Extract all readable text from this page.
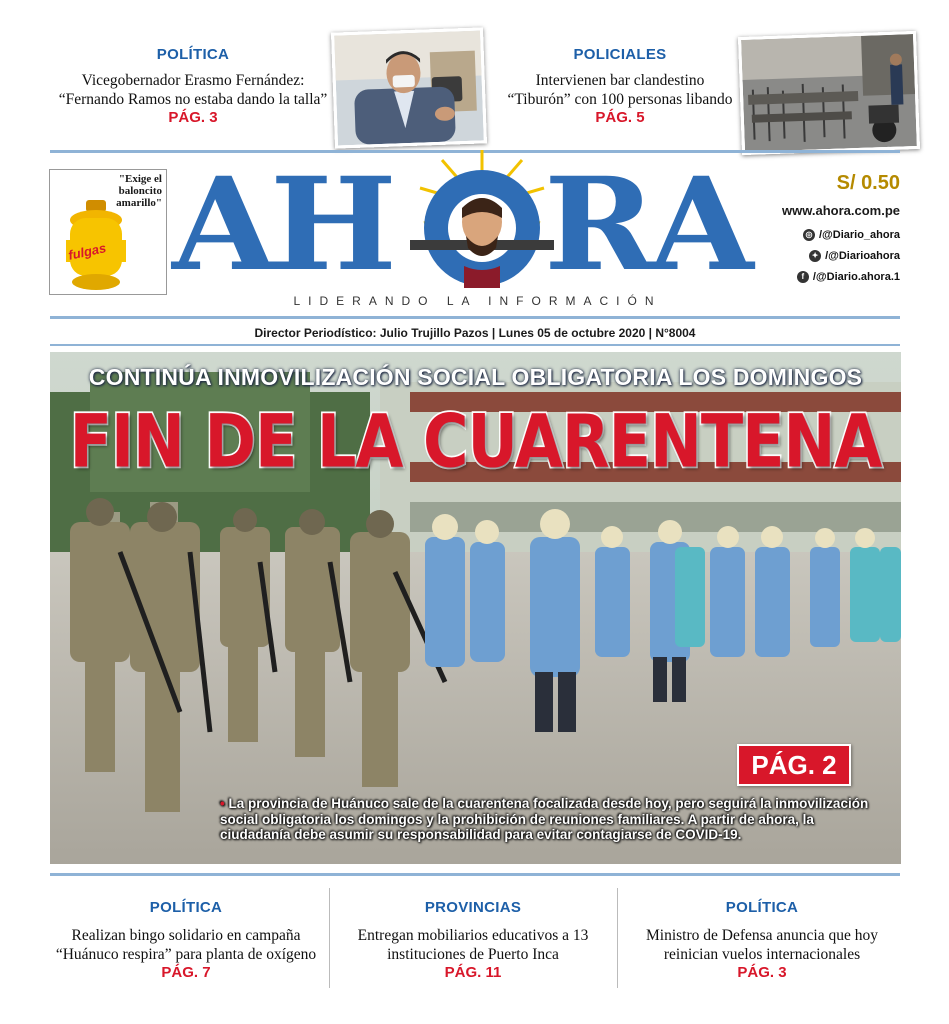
POLÍTICA
Vicegobernador Erasmo Fernández:
“Fernando Ramos no estaba dando la talla”
PÁG. 3
POLICIALES
Intervienen bar clandestino
“Tiburón” con 100 personas libando
PÁG. 5
"Exige el baloncito amarillo"
fulgas AH RA
LIDERANDO LA INFORMACIÓN
S/ 0.50
www.ahora.com.pe
◎ /@Diario_ahora
✦ /@Diarioahora
f /@Diario.ahora.1
Director Periodístico: Julio Trujillo Pazos | Lunes 05 de octubre 2020 | N°8004
CONTINÚA INMOVILIZACIÓN SOCIAL OBLIGATORIA LOS DOMINGOS
FIN DE LA CUARENTENA
PÁG. 2
• La provincia de Huánuco sale de la cuarentena focalizada desde hoy, pero seguirá la inmovilización social obligatoria los domingos y la prohibición de reuniones familiares. A partir de ahora, la ciudadanía debe asumir su responsabilidad para evitar contagiarse de COVID-19.
POLÍTICA
Realizan bingo solidario en campaña
“Huánuco respira” para planta de oxígeno
PÁG. 7
PROVINCIAS
Entregan mobiliarios educativos a 13
instituciones de Puerto Inca
PÁG. 11
POLÍTICA
Ministro de Defensa anuncia que hoy
reinician vuelos internacionales
PÁG. 3
